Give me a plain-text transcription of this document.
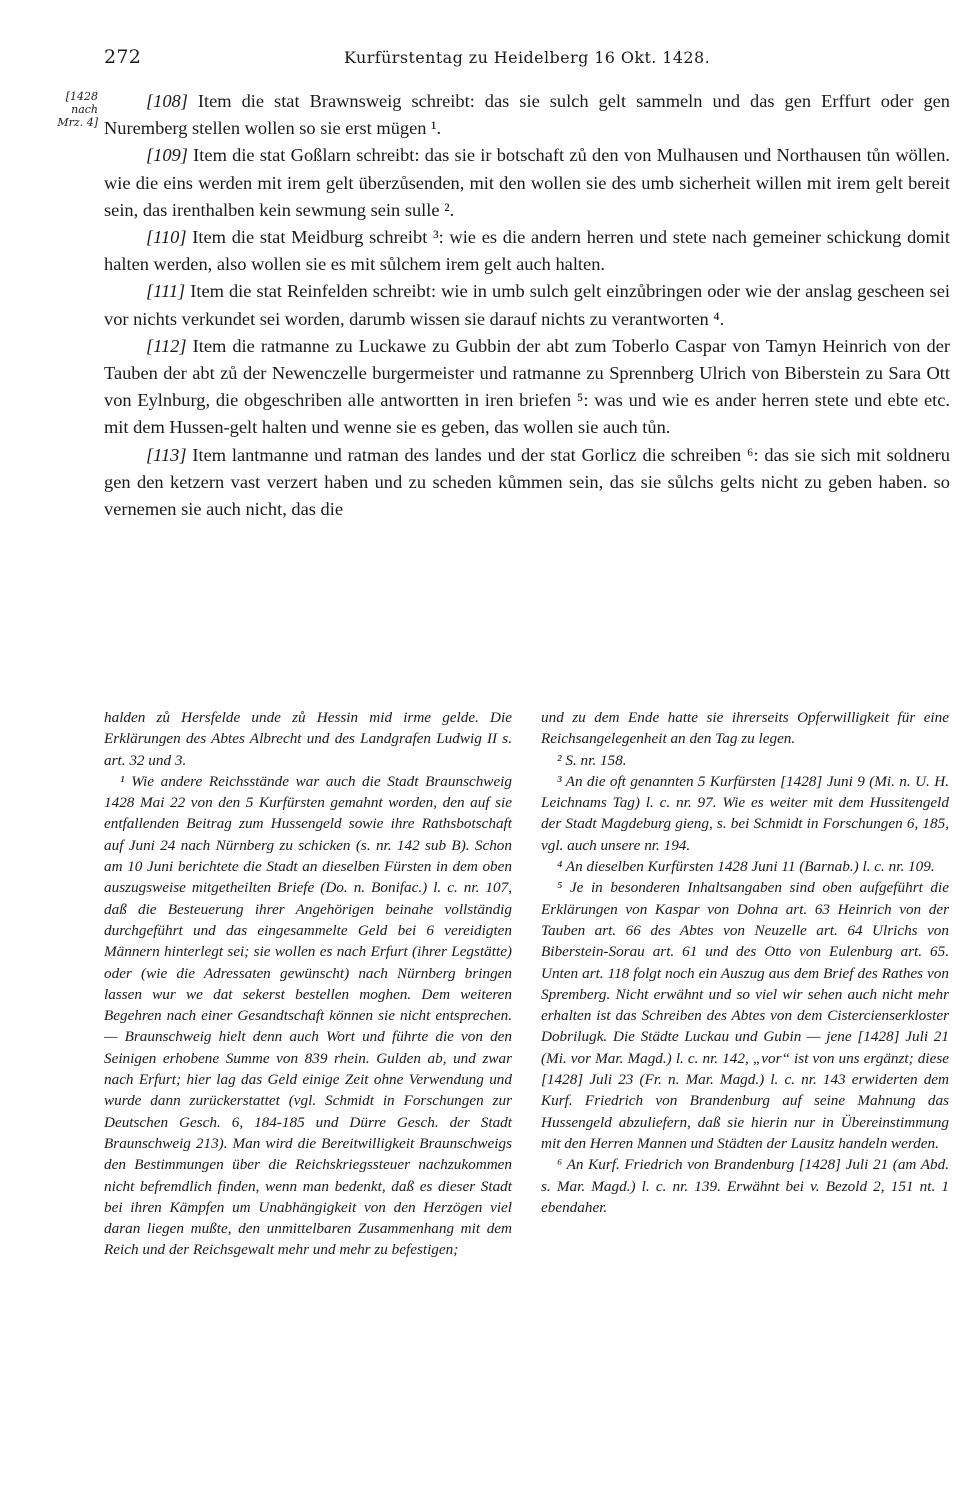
272	Kurfürstentag zu Heidelberg 16 Okt. 1428.
[1428
nach
Mrz. 4]

[108] Item die stat Brawnsweig schreibt: das sie sulch gelt sammeln und das gen Erffurt oder gen Nuremberg stellen wollen so sie erst mügen ¹.

[109] Item die stat Goßlarn schreibt: das sie ir botschaft zů den von Mulhausen und Northausen tůn wöllen. wie die eins werden mit irem gelt überzůsenden, mit den wollen sie des umb sicherheit willen mit irem gelt bereit sein, das irenthalben kein sewmung sein sulle ².

[110] Item die stat Meidburg schreibt ³: wie es die andern herren und stete nach gemeiner schickung domit halten werden, also wollen sie es mit sůlchem irem gelt auch halten.

[111] Item die stat Reinfelden schreibt: wie in umb sulch gelt einzůbringen oder wie der anslag gescheen sei vor nichts verkundet sei worden, darumb wissen sie darauf nichts zu verantworten ⁴.

[112] Item die ratmanne zu Luckawe zu Gubbin der abt zum Toberlo Caspar von Tamyn Heinrich von der Tauben der abt zů der Newenczelle burgermeister und ratmanne zu Sprennberg Ulrich von Biberstein zu Sara Ott von Eylnburg, die obgeschriben alle antwortten in iren briefen ⁵: was und wie es ander herren stete und ebte etc. mit dem Hussen-gelt halten und wenne sie es geben, das wollen sie auch tůn.

[113] Item lantmanne und ratman des landes und der stat Gorlicz die schreiben ⁶: das sie sich mit soldneru gen den ketzern vast verzert haben und zu scheden kůmmen sein, das sie sůlchs gelts nicht zu geben haben. so vernemen sie auch nicht, das die

halden zů Hersfelde unde zů Hessin mid irme gelde. Die Erklärungen des Abtes Albrecht und des Landgrafen Ludwig II s. art. 32 und 3.

¹ Wie andere Reichsstände war auch die Stadt Braunschweig 1428 Mai 22 von den 5 Kurfürsten gemahnt worden, den auf sie entfallenden Beitrag zum Hussengeld sowie ihre Rathsbotschaft auf Juni 24 nach Nürnberg zu schicken (s. nr. 142 sub B). Schon am 10 Juni berichtete die Stadt an dieselben Fürsten in dem oben auszugsweise mitgetheilten Briefe (Do. n. Bonifac.) l. c. nr. 107, daß die Besteuerung ihrer Angehörigen beinahe vollständig durchgeführt und das eingesammelte Geld bei 6 vereidigten Männern hinterlegt sei; sie wollen es nach Erfurt (ihrer Legstätte) oder (wie die Adressaten gewünscht) nach Nürnberg bringen lassen wur we dat sekerst bestellen moghen. Dem weiteren Begehren nach einer Gesandtschaft können sie nicht entsprechen. — Braunschweig hielt denn auch Wort und führte die von den Seinigen erhobene Summe von 839 rhein. Gulden ab, und zwar nach Erfurt; hier lag das Geld einige Zeit ohne Verwendung und wurde dann zurückerstattet (vgl. Schmidt in Forschungen zur Deutschen Gesch. 6, 184-185 und Dürre Gesch. der Stadt Braunschweig 213). Man wird die Bereitwilligkeit Braunschweigs den Bestimmungen über die Reichskriegssteuer nachzukommen nicht befremdlich finden, wenn man bedenkt, daß es dieser Stadt bei ihren Kämpfen um Unabhängigkeit von den Herzögen viel daran liegen mußte, den unmittelbaren Zusammenhang mit dem Reich und der Reichsgewalt mehr und mehr zu befestigen;

und zu dem Ende hatte sie ihrerseits Opferwilligkeit für eine Reichsangelegenheit an den Tag zu legen.

² S. nr. 158.

³ An die oft genannten 5 Kurfürsten [1428] Juni 9 (Mi. n. U. H. Leichnams Tag) l. c. nr. 97. Wie es weiter mit dem Hussitengeld der Stadt Magdeburg gieng, s. bei Schmidt in Forschungen 6, 185, vgl. auch unsere nr. 194.

⁴ An dieselben Kurfürsten 1428 Juni 11 (Barnab.) l. c. nr. 109.

⁵ Je in besonderen Inhaltsangaben sind oben aufgeführt die Erklärungen von Kaspar von Dohna art. 63 Heinrich von der Tauben art. 66 des Abtes von Neuzelle art. 64 Ulrichs von Biberstein-Sorau art. 61 und des Otto von Eulenburg art. 65. Unten art. 118 folgt noch ein Auszug aus dem Brief des Rathes von Spremberg. Nicht erwähnt und so viel wir sehen auch nicht mehr erhalten ist das Schreiben des Abtes von dem Cistercienserkloster Dobrilugk. Die Städte Luckau und Gubin — jene [1428] Juli 21 (Mi. vor Mar. Magd.) l. c. nr. 142, „vor“ ist von uns ergänzt; diese [1428] Juli 23 (Fr. n. Mar. Magd.) l. c. nr. 143 erwiderten dem Kurf. Friedrich von Brandenburg auf seine Mahnung das Hussengeld abzuliefern, daß sie hierin nur in Übereinstimmung mit den Herren Mannen und Städten der Lausitz handeln werden.

⁶ An Kurf. Friedrich von Brandenburg [1428] Juli 21 (am Abd. s. Mar. Magd.) l. c. nr. 139. Erwähnt bei v. Bezold 2, 151 nt. 1 ebendaher.
